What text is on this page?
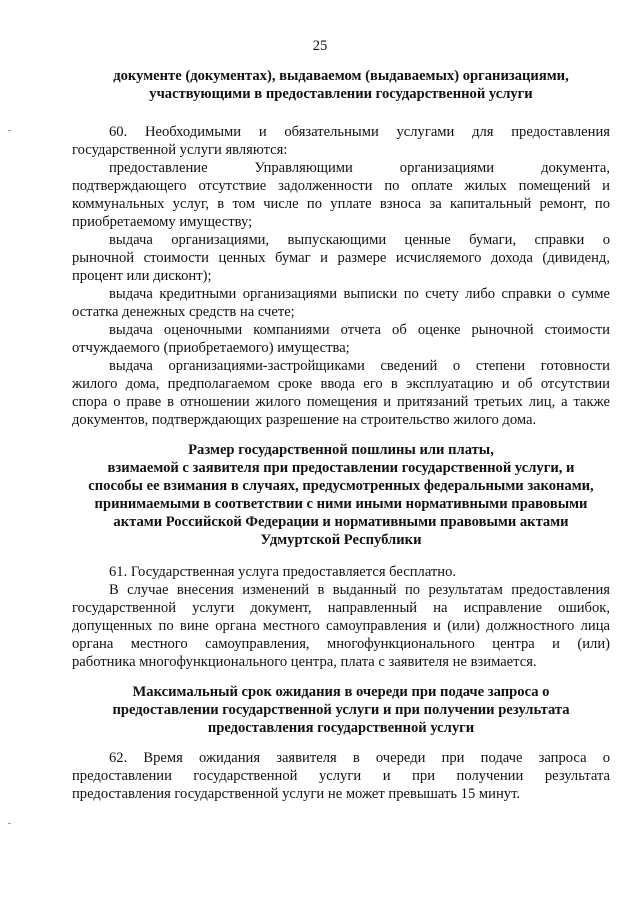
25
документе (документах), выдаваемом (выдаваемых) организациями,
участвующими в предоставлении государственной услуги
60. Необходимыми и обязательными услугами для предоставления
государственной услуги являются:
предоставление Управляющими организациями документа,
подтверждающего отсутствие задолженности по оплате жилых помещений и
коммунальных услуг, в том числе по уплате взноса за капитальный ремонт, по
приобретаемому имуществу;
выдача организациями, выпускающими ценные бумаги, справки о
рыночной стоимости ценных бумаг и размере исчисляемого дохода (дивиденд,
процент или дисконт);
выдача кредитными организациями выписки по счету либо справки о сумме
остатка денежных средств на счете;
выдача оценочными компаниями отчета об оценке рыночной стоимости
отчуждаемого (приобретаемого) имущества;
выдача организациями-застройщиками сведений о степени готовности
жилого дома, предполагаемом сроке ввода его в эксплуатацию и об отсутствии
спора о праве в отношении жилого помещения и притязаний третьих лиц, а также
документов, подтверждающих разрешение на строительство жилого дома.
Размер государственной пошлины или платы,
взимаемой с заявителя при предоставлении государственной услуги, и
способы ее взимания в случаях, предусмотренных федеральными законами,
принимаемыми в соответствии с ними иными нормативными правовыми
актами Российской Федерации и нормативными правовыми актами
Удмуртской Республики
61. Государственная услуга предоставляется бесплатно.
В случае внесения изменений в выданный по результатам предоставления
государственной услуги документ, направленный на исправление ошибок,
допущенных по вине органа местного самоуправления и (или) должностного лица
органа местного самоуправления, многофункционального центра и (или)
работника многофункционального центра, плата с заявителя не взимается.
Максимальный срок ожидания в очереди при подаче запроса о
предоставлении государственной услуги и при получении результата
предоставления государственной услуги
62. Время ожидания заявителя в очереди при подаче запроса о
предоставлении государственной услуги и при получении результата
предоставления государственной услуги не может превышать 15 минут.
